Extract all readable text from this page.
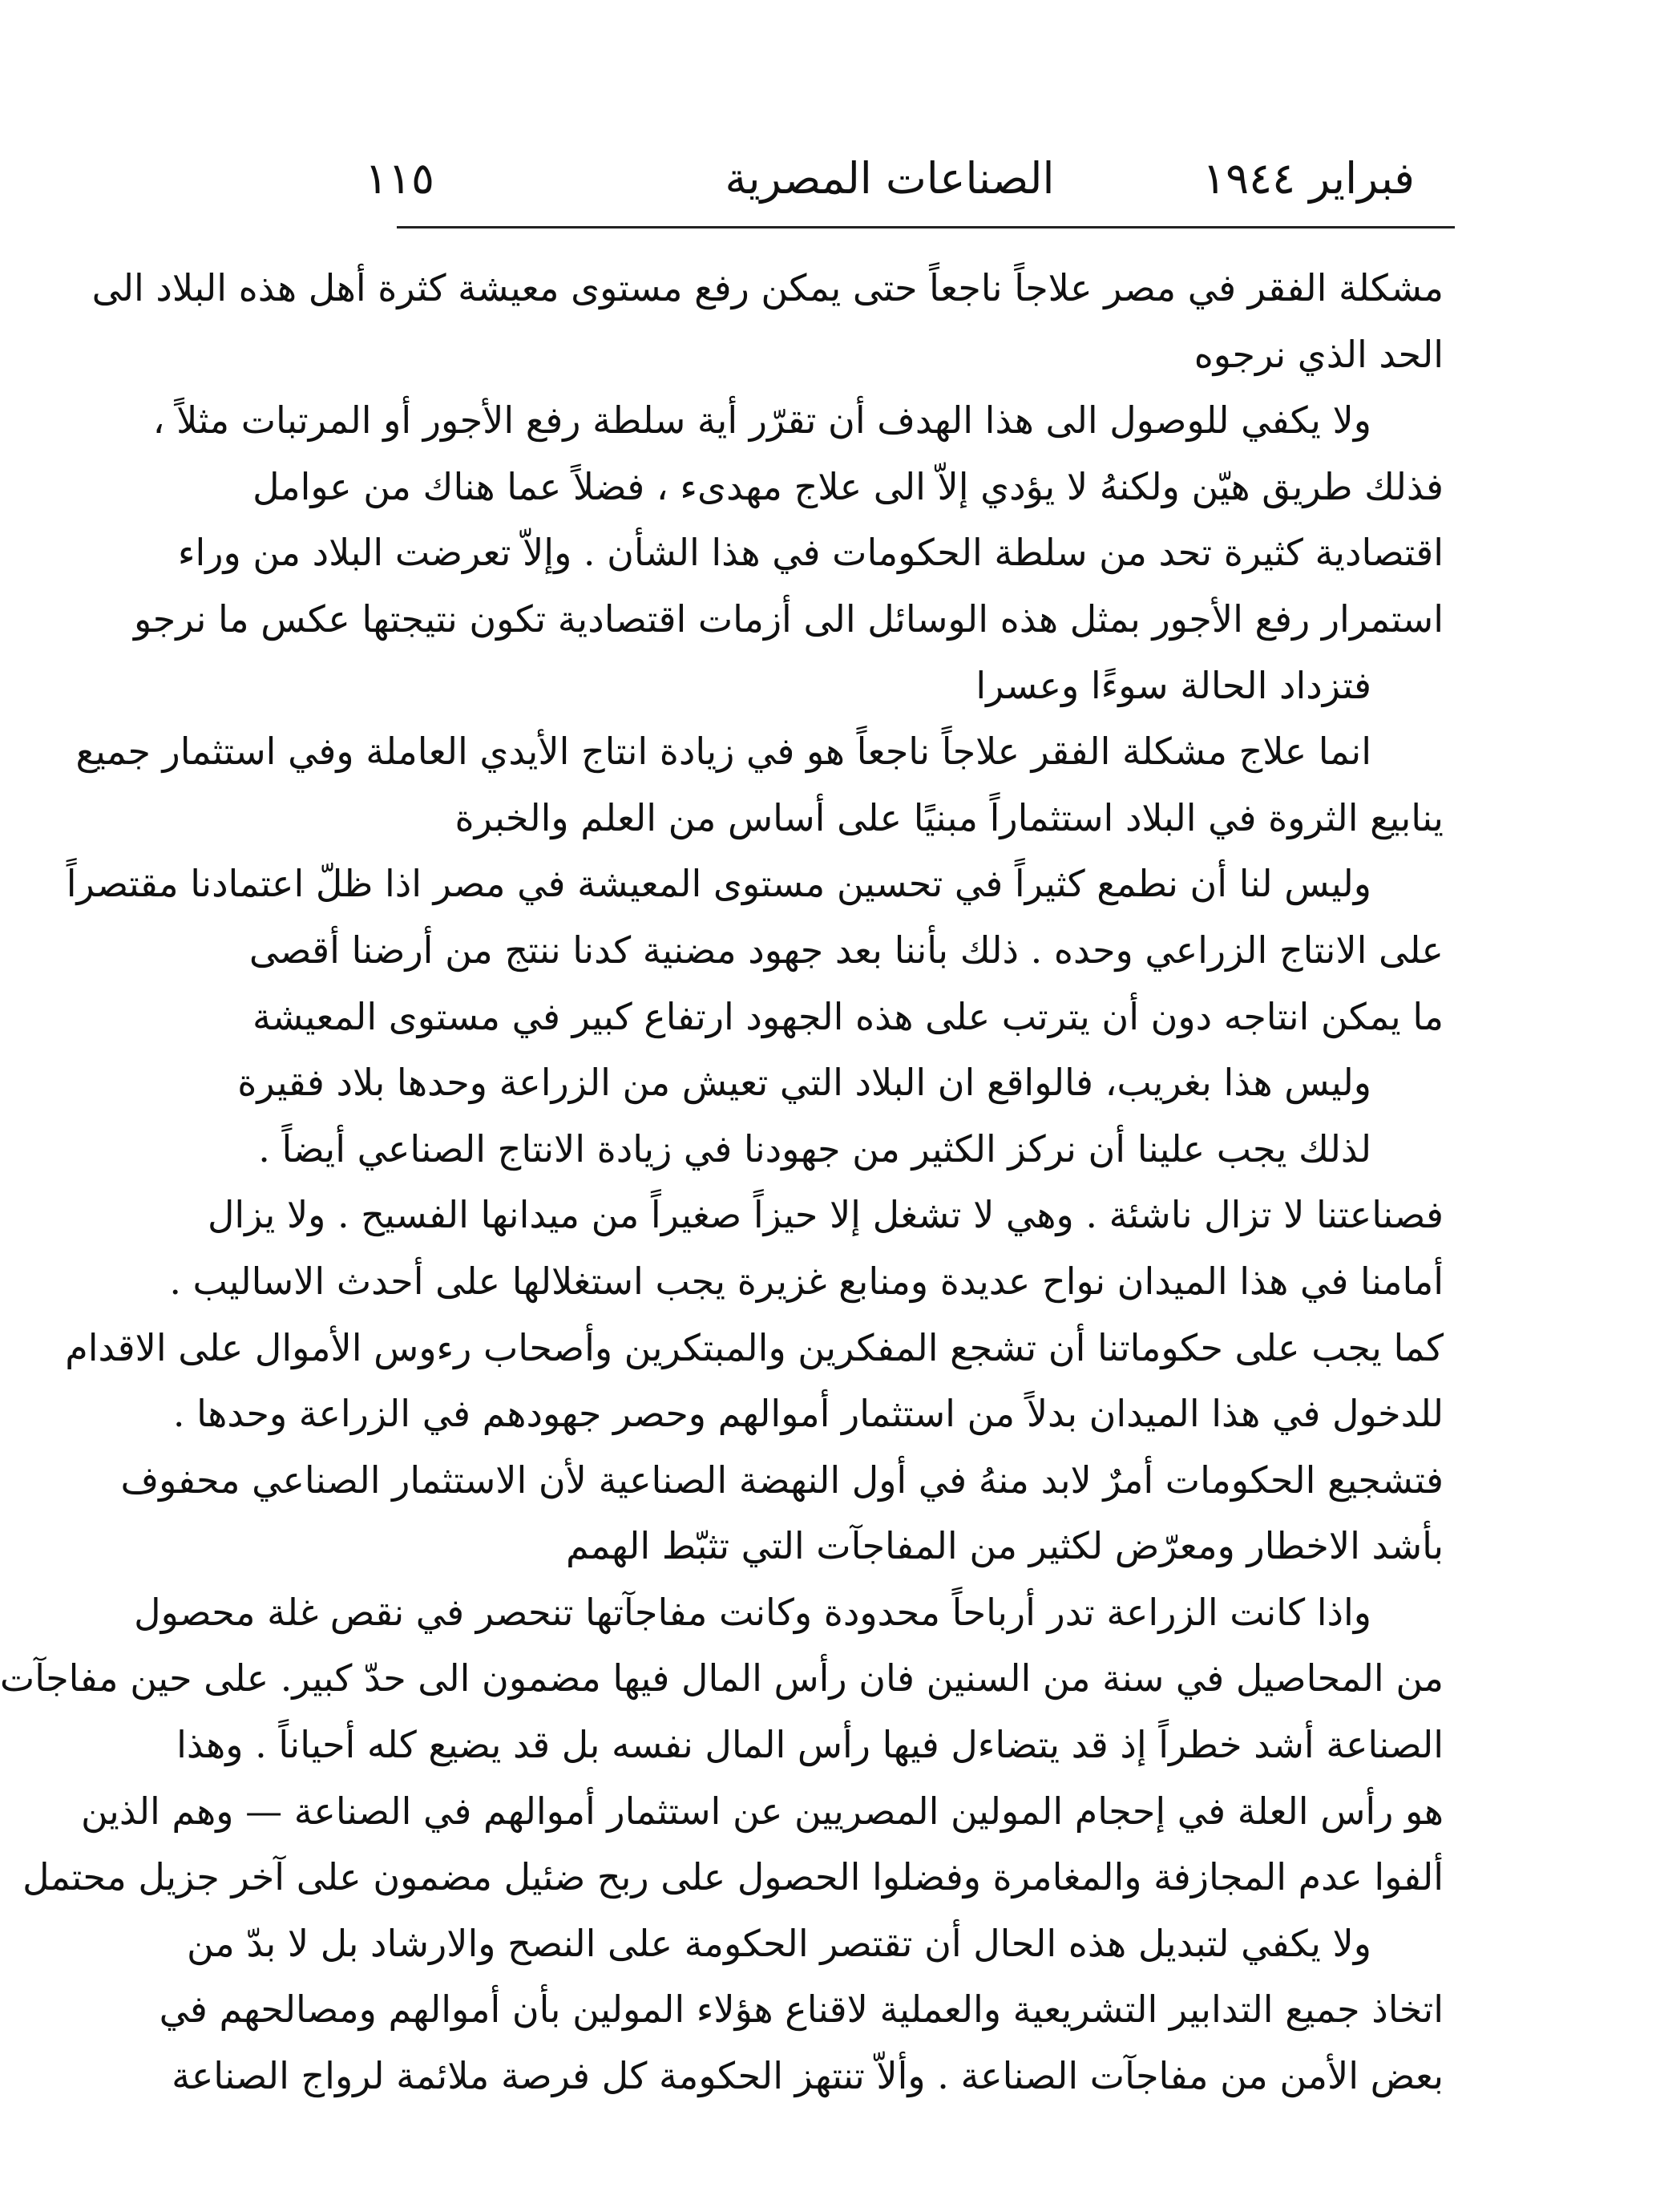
١١٥	الصناعات المصرية	فبراير ١٩٤٤
مشكلة الفقر في مصر علاجاً ناجعاً حتى يمكن رفع مستوى معيشة كثرة أهل هذه البلاد الى
الحد الذي نرجوه
ولا يكفي للوصول الى هذا الهدف أن تقرّر أية سلطة رفع الأجور أو المرتبات مثلاً ،
فذلك طريق هيّن ولكنهُ لا يؤدي إلاّ الى علاج مهدىء ، فضلاً عما هناك من عوامل
اقتصادية كثيرة تحد من سلطة الحكومات في هذا الشأن . وإلاّ تعرضت البلاد من وراء
استمرار رفع الأجور بمثل هذه الوسائل الى أزمات اقتصادية تكون نتيجتها عكس ما نرجو
فتزداد الحالة سوءًا وعسرا
انما علاج مشكلة الفقر علاجاً ناجعاً هو في زيادة انتاج الأيدي العاملة وفي استثمار جميع
ينابيع الثروة في البلاد استثماراً مبنيًا على أساس من العلم والخبرة
وليس لنا أن نطمع كثيراً في تحسين مستوى المعيشة في مصر اذا ظلّ اعتمادنا مقتصراً
على الانتاج الزراعي وحده . ذلك بأننا بعد جهود مضنية كدنا ننتج من أرضنا أقصى
ما يمكن انتاجه دون أن يترتب على هذه الجهود ارتفاع كبير في مستوى المعيشة
وليس هذا بغريب، فالواقع ان البلاد التي تعيش من الزراعة وحدها بلاد فقيرة
لذلك يجب علينا أن نركز الكثير من جهودنا في زيادة الانتاج الصناعي أيضاً .
فصناعتنا لا تزال ناشئة . وهي لا تشغل إلا حيزاً صغيراً من ميدانها الفسيح . ولا يزال
أمامنا في هذا الميدان نواح عديدة ومنابع غزيرة يجب استغلالها على أحدث الاساليب .
كما يجب على حكوماتنا أن تشجع المفكرين والمبتكرين وأصحاب رءوس الأموال على الاقدام
للدخول في هذا الميدان بدلاً من استثمار أموالهم وحصر جهودهم في الزراعة وحدها .
فتشجيع الحكومات أمرٌ لابد منهُ في أول النهضة الصناعية لأن الاستثمار الصناعي محفوف
بأشد الاخطار ومعرّض لكثير من المفاجآت التي تثبّط الهمم
واذا كانت الزراعة تدر أرباحاً محدودة وكانت مفاجآتها تنحصر في نقص غلة محصول
من المحاصيل في سنة من السنين فان رأس المال فيها مضمون الى حدّ كبير. على حين مفاجآت
الصناعة أشد خطراً إذ قد يتضاءل فيها رأس المال نفسه بل قد يضيع كله أحياناً . وهذا
هو رأس العلة في إحجام المولين المصريين عن استثمار أموالهم في الصناعة — وهم الذين
ألفوا عدم المجازفة والمغامرة وفضلوا الحصول على ربح ضئيل مضمون على آخر جزيل محتمل
ولا يكفي لتبديل هذه الحال أن تقتصر الحكومة على النصح والارشاد بل لا بدّ من
اتخاذ جميع التدابير التشريعية والعملية لاقناع هؤلاء المولين بأن أموالهم ومصالحهم في
بعض الأمن من مفاجآت الصناعة . وألاّ تنتهز الحكومة كل فرصة ملائمة لرواج الصناعة
